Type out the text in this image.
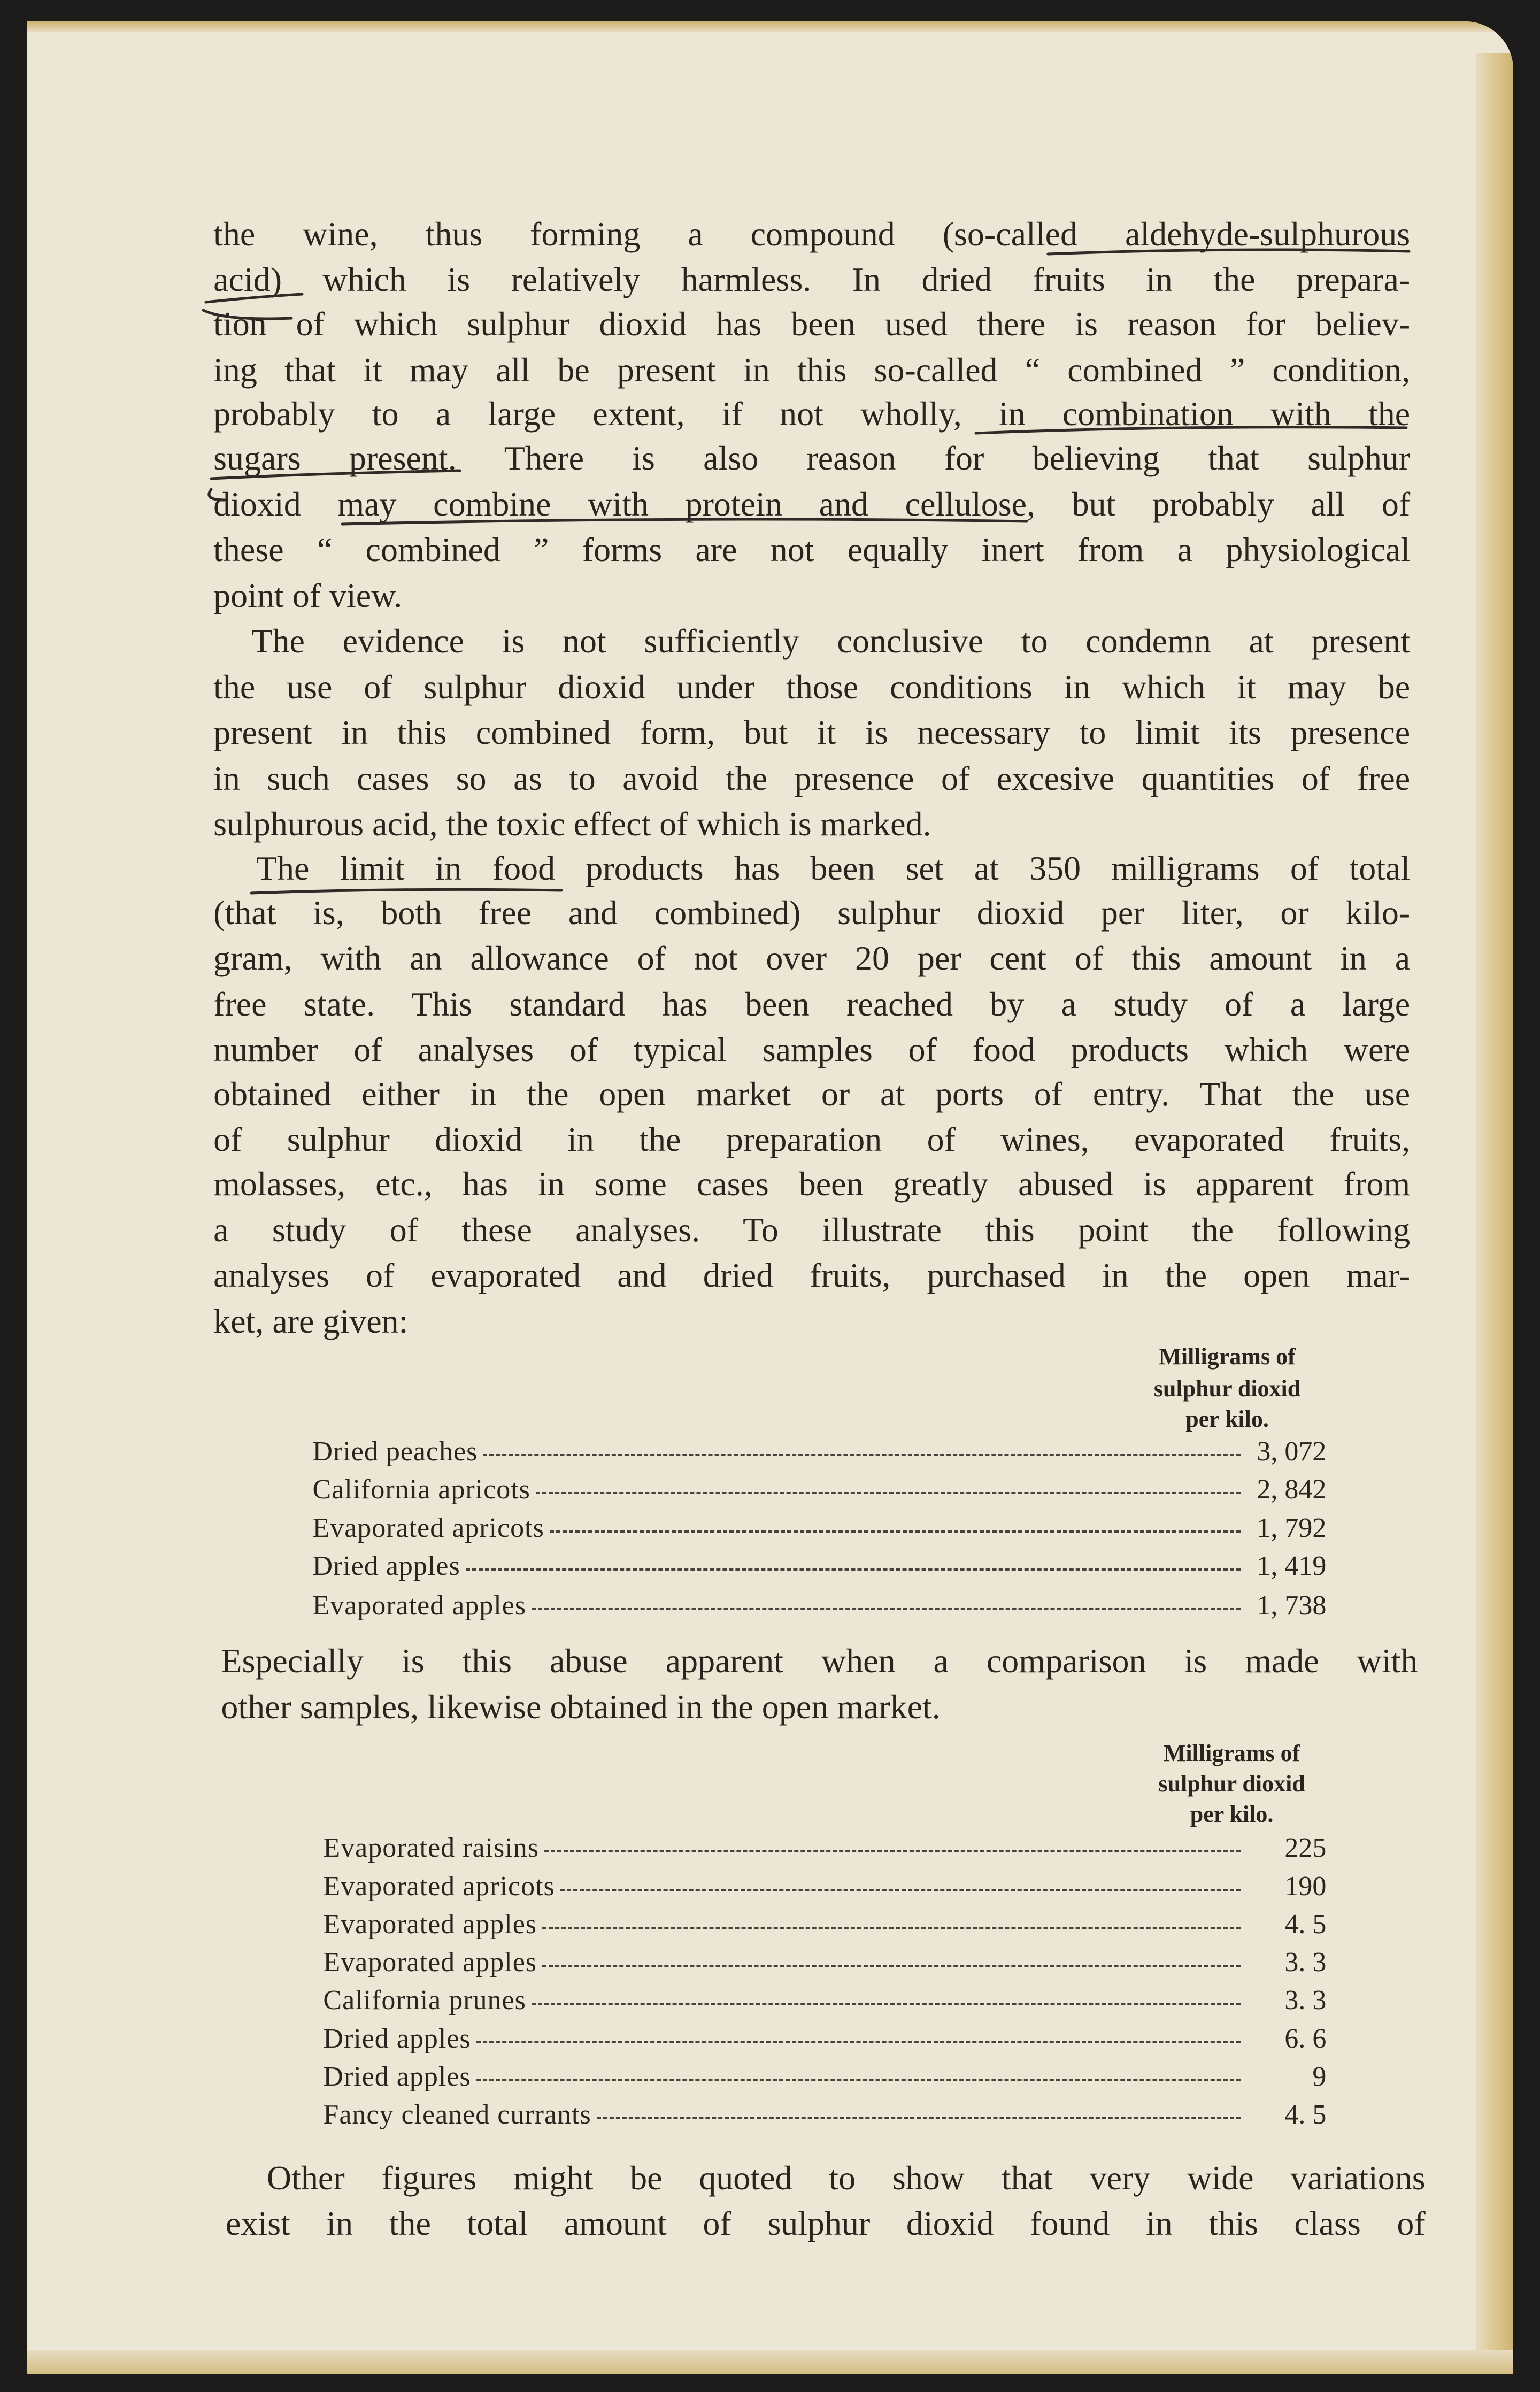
the wine, thus forming a compound (so-called aldehyde-sulphurous
acid) which is relatively harmless. In dried fruits in the prepara-
tion of which sulphur dioxid has been used there is reason for believ-
ing that it may all be present in this so-called “ combined ” condition,
probably to a large extent, if not wholly, in combination with the
sugars present. There is also reason for believing that sulphur
dioxid may combine with protein and cellulose, but probably all of
these “ combined ” forms are not equally inert from a physiological
point of view.
The evidence is not sufficiently conclusive to condemn at present
the use of sulphur dioxid under those conditions in which it may be
present in this combined form, but it is necessary to limit its presence
in such cases so as to avoid the presence of excesive quantities of free
sulphurous acid, the toxic effect of which is marked.
The limit in food products has been set at 350 milligrams of total
(that is, both free and combined) sulphur dioxid per liter, or kilo-
gram, with an allowance of not over 20 per cent of this amount in a
free state. This standard has been reached by a study of a large
number of analyses of typical samples of food products which were
obtained either in the open market or at ports of entry. That the use
of sulphur dioxid in the preparation of wines, evaporated fruits,
molasses, etc., has in some cases been greatly abused is apparent from
a study of these analyses. To illustrate this point the following
analyses of evaporated and dried fruits, purchased in the open mar-
ket, are given:
Especially is this abuse apparent when a comparison is made with
other samples, likewise obtained in the open market.
Other figures might be quoted to show that very wide variations
exist in the total amount of sulphur dioxid found in this class of
Milligrams of
sulphur dioxid
per kilo.
Dried peaches	3, 072
California apricots	2, 842
Evaporated apricots	1, 792
Dried apples	1, 419
Evaporated apples	1, 738
Milligrams of
sulphur dioxid
per kilo.
Evaporated raisins	225
Evaporated apricots	190
Evaporated apples	4. 5
Evaporated apples	3. 3
California prunes	3. 3
Dried apples	6. 6
Dried apples	9
Fancy cleaned currants	4. 5
